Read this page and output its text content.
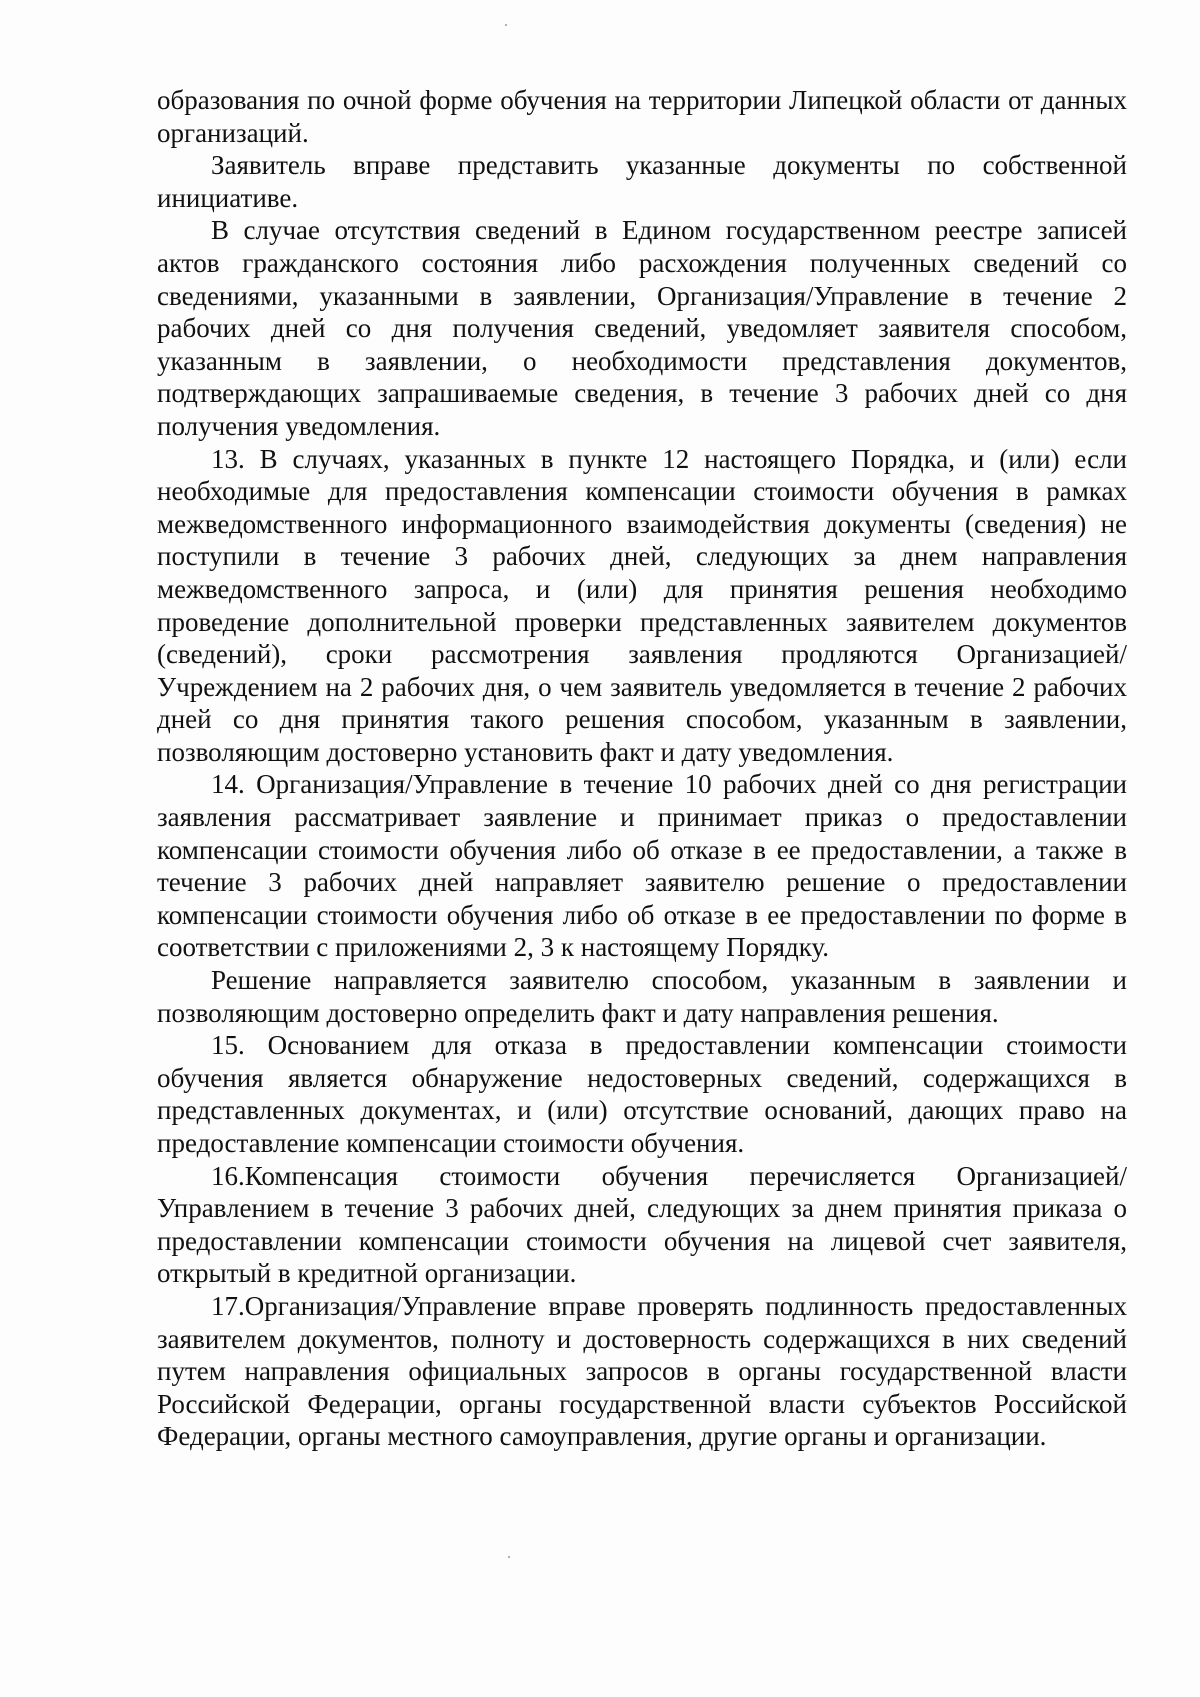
образования по очной форме обучения на территории Липецкой области от данных организаций.

Заявитель вправе представить указанные документы по собственной инициативе.

В случае отсутствия сведений в Едином государственном реестре записей актов гражданского состояния либо расхождения полученных сведений со сведениями, указанными в заявлении, Организация/Управление в течение 2 рабочих дней со дня получения сведений, уведомляет заявителя способом, указанным в заявлении, о необходимости представления документов, подтверждающих запрашиваемые сведения, в течение 3 рабочих дней со дня получения уведомления.

13. В случаях, указанных в пункте 12 настоящего Порядка, и (или) если необходимые для предоставления компенсации стоимости обучения в рамках межведомственного информационного взаимодействия документы (сведения) не поступили в течение 3 рабочих дней, следующих за днем направления межведомственного запроса, и (или) для принятия решения необходимо проведение дополнительной проверки представленных заявителем документов (сведений), сроки рассмотрения заявления продляются Организацией/Учреждением на 2 рабочих дня, о чем заявитель уведомляется в течение 2 рабочих дней со дня принятия такого решения способом, указанным в заявлении, позволяющим достоверно установить факт и дату уведомления.

14. Организация/Управление в течение 10 рабочих дней со дня регистрации заявления рассматривает заявление и принимает приказ о предоставлении компенсации стоимости обучения либо об отказе в ее предоставлении, а также в течение 3 рабочих дней направляет заявителю решение о предоставлении компенсации стоимости обучения либо об отказе в ее предоставлении по форме в соответствии с приложениями 2, 3 к настоящему Порядку.

Решение направляется заявителю способом, указанным в заявлении и позволяющим достоверно определить факт и дату направления решения.

15. Основанием для отказа в предоставлении компенсации стоимости обучения является обнаружение недостоверных сведений, содержащихся в представленных документах, и (или) отсутствие оснований, дающих право на предоставление компенсации стоимости обучения.

16.Компенсация стоимости обучения перечисляется Организацией/Управлением в течение 3 рабочих дней, следующих за днем принятия приказа о предоставлении компенсации стоимости обучения на лицевой счет заявителя, открытый в кредитной организации.

17.Организация/Управление вправе проверять подлинность предоставленных заявителем документов, полноту и достоверность содержащихся в них сведений путем направления официальных запросов в органы государственной власти Российской Федерации, органы государственной власти субъектов Российской Федерации, органы местного самоуправления, другие органы и организации.
